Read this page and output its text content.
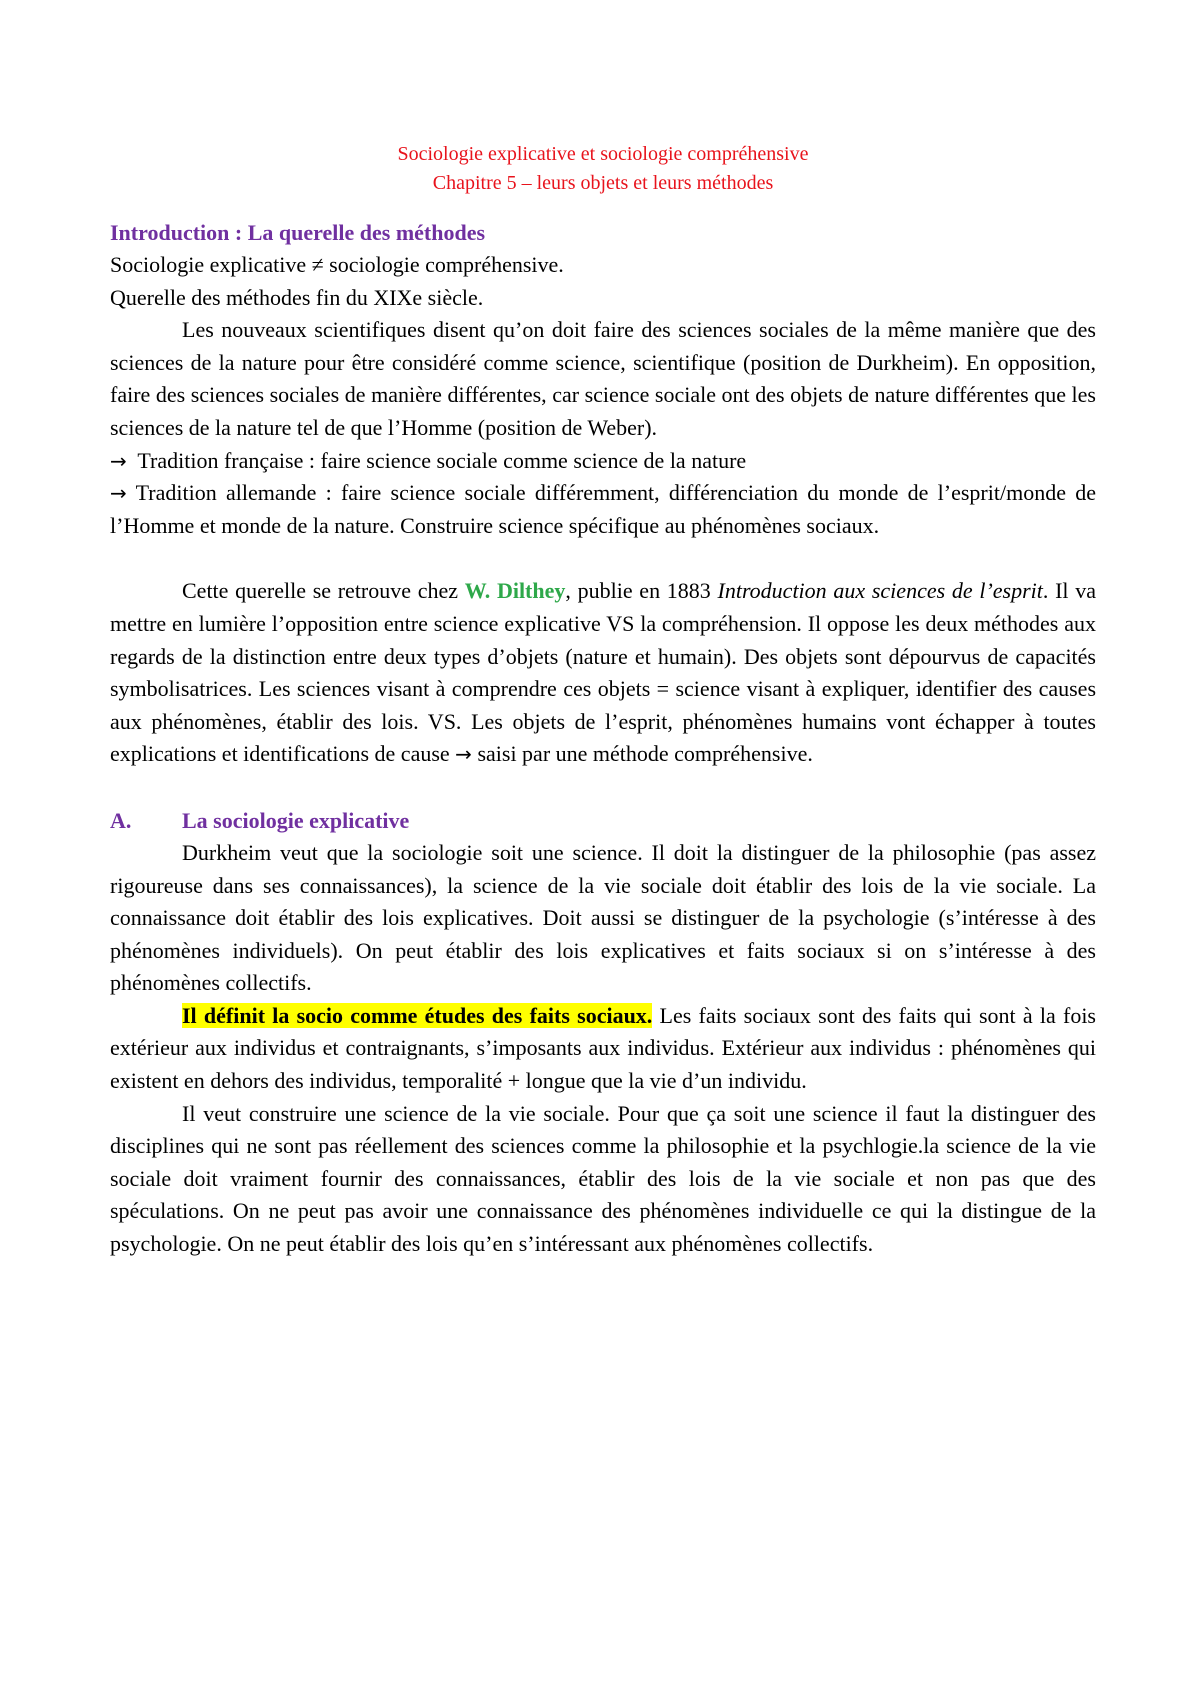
Sociologie explicative et sociologie compréhensive
Chapitre 5 – leurs objets et leurs méthodes
Introduction : La querelle des méthodes

Sociologie explicative ≠ sociologie compréhensive.

Querelle des méthodes fin du XIXe siècle.

Les nouveaux scientifiques disent qu’on doit faire des sciences sociales de la même manière que des sciences de la nature pour être considéré comme science, scientifique (position de Durkheim). En opposition, faire des sciences sociales de manière différentes, car science sociale ont des objets de nature différentes que les sciences de la nature tel de que l’Homme (position de Weber).

→ Tradition française : faire science sociale comme science de la nature

→ Tradition allemande : faire science sociale différemment, différenciation du monde de l’esprit/monde de l’Homme et monde de la nature. Construire science spécifique au phénomènes sociaux.

Cette querelle se retrouve chez W. Dilthey, publie en 1883 Introduction aux sciences de l’esprit. Il va mettre en lumière l’opposition entre science explicative VS la compréhension. Il oppose les deux méthodes aux regards de la distinction entre deux types d’objets (nature et humain). Des objets sont dépourvus de capacités symbolisatrices. Les sciences visant à comprendre ces objets = science visant à expliquer, identifier des causes aux phénomènes, établir des lois. VS. Les objets de l’esprit, phénomènes humains vont échapper à toutes explications et identifications de cause → saisi par une méthode compréhensive.

A. La sociologie explicative

Durkheim veut que la sociologie soit une science. Il doit la distinguer de la philosophie (pas assez rigoureuse dans ses connaissances), la science de la vie sociale doit établir des lois de la vie sociale. La connaissance doit établir des lois explicatives. Doit aussi se distinguer de la psychologie (s’intéresse à des phénomènes individuels). On peut établir des lois explicatives et faits sociaux si on s’intéresse à des phénomènes collectifs.

Il définit la socio comme études des faits sociaux. Les faits sociaux sont des faits qui sont à la fois extérieur aux individus et contraignants, s’imposants aux individus. Extérieur aux individus : phénomènes qui existent en dehors des individus, temporalité + longue que la vie d’un individu.

Il veut construire une science de la vie sociale. Pour que ça soit une science il faut la distinguer des disciplines qui ne sont pas réellement des sciences comme la philosophie et la psychlogie.la science de la vie sociale doit vraiment fournir des connaissances, établir des lois de la vie sociale et non pas que des spéculations. On ne peut pas avoir une connaissance des phénomènes individuelle ce qui la distingue de la psychologie. On ne peut établir des lois qu’en s’intéressant aux phénomènes collectifs.
